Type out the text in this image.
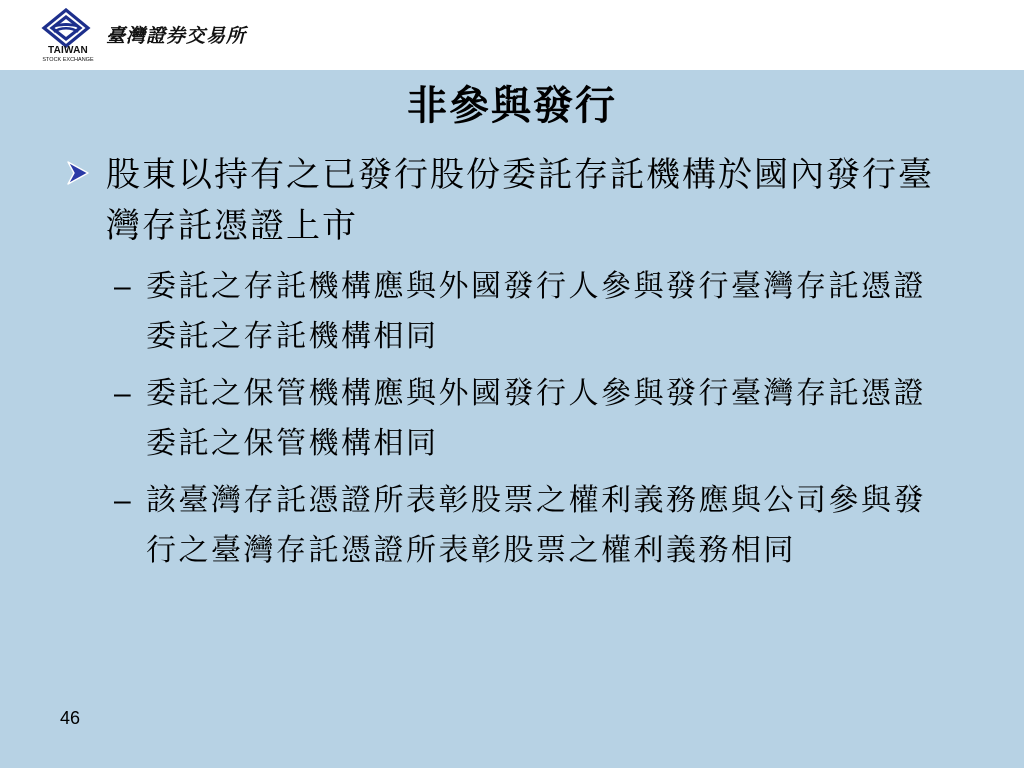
TAIWAN
STOCK EXCHANGE
臺灣證券交易所
非參與發行
股東以持有之已發行股份委託存託機構於國內發行臺灣存託憑證上市
– 委託之存託機構應與外國發行人參與發行臺灣存託憑證委託之存託機構相同
– 委託之保管機構應與外國發行人參與發行臺灣存託憑證委託之保管機構相同
– 該臺灣存託憑證所表彰股票之權利義務應與公司參與發行之臺灣存託憑證所表彰股票之權利義務相同
46
